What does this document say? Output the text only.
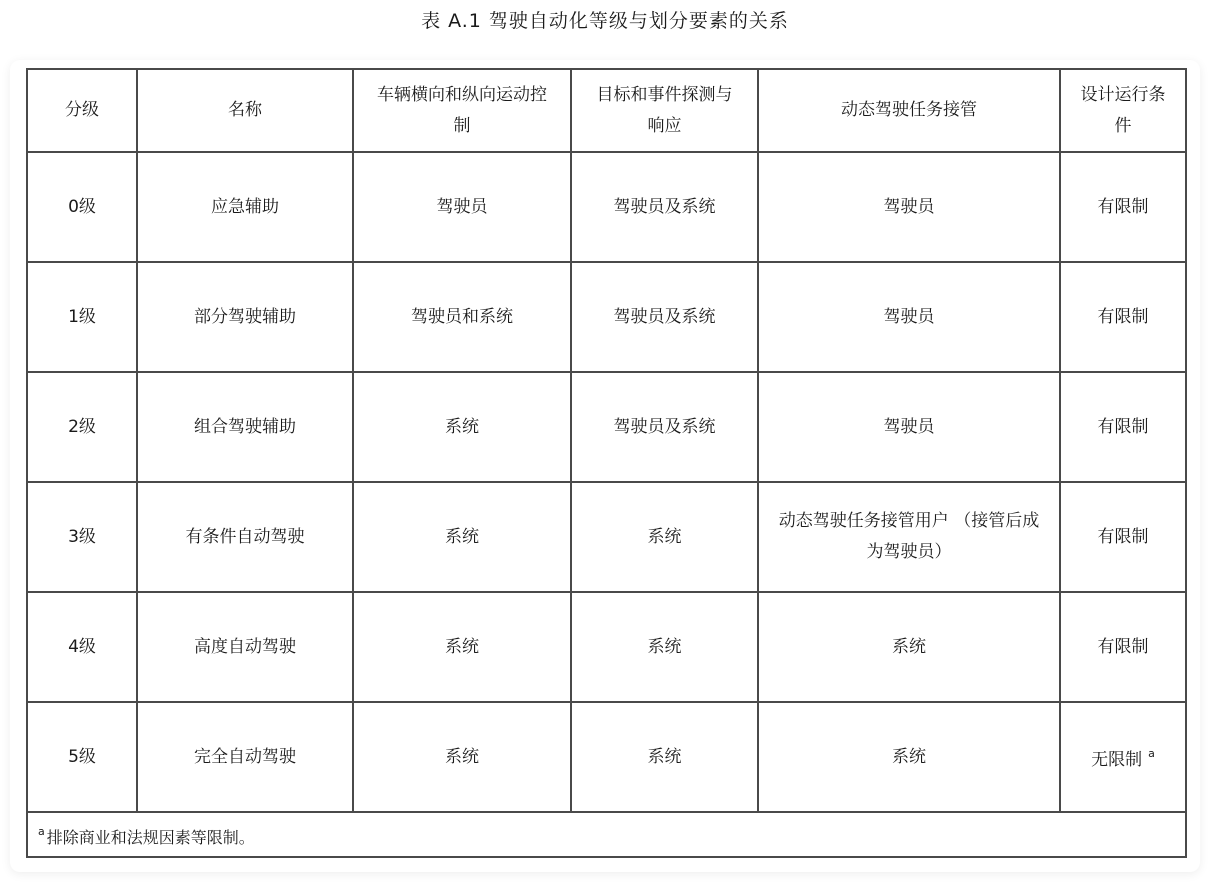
表 A.1 驾驶自动化等级与划分要素的关系
分级	名称	车辆横向和纵向运动控制	目标和事件探测与响应	动态驾驶任务接管	设计运行条件
0级	应急辅助	驾驶员	驾驶员及系统	驾驶员	有限制
1级	部分驾驶辅助	驾驶员和系统	驾驶员及系统	驾驶员	有限制
2级	组合驾驶辅助	系统	驾驶员及系统	驾驶员	有限制
3级	有条件自动驾驶	系统	系统	动态驾驶任务接管用户 （接管后成为驾驶员）	有限制
4级	高度自动驾驶	系统	系统	系统	有限制
5级	完全自动驾驶	系统	系统	系统	无限制 $^a$
$^a$ 排除商业和法规因素等限制。					
